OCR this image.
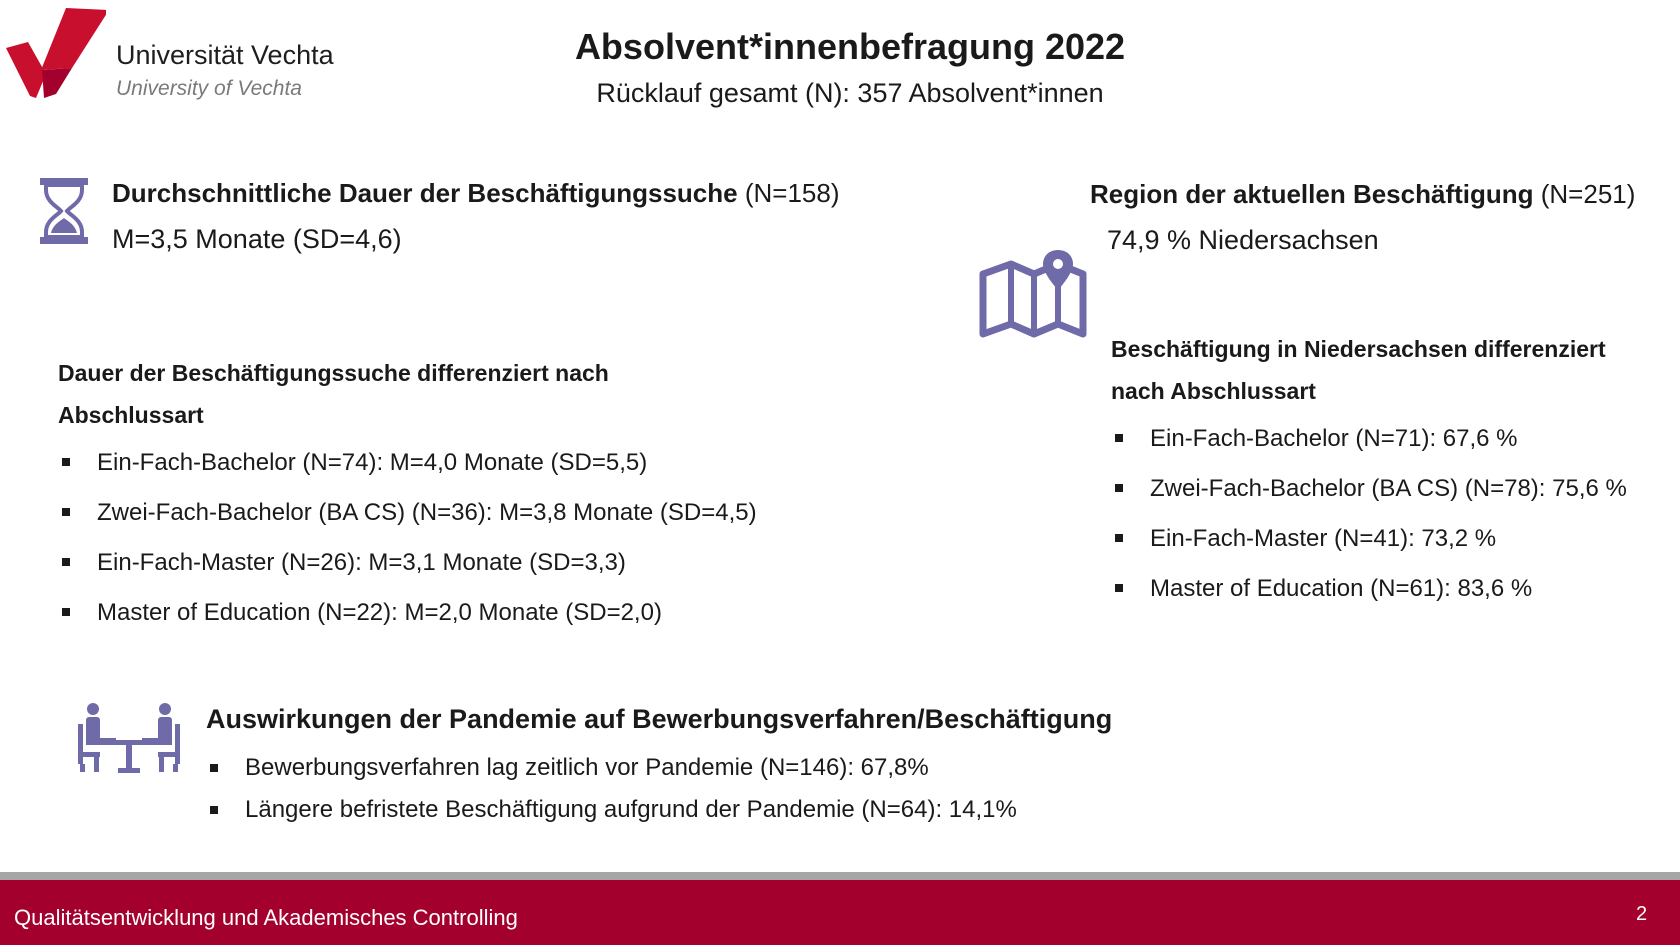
Universität Vechta
University of Vechta
Absolvent*innenbefragung 2022
Rücklauf gesamt (N): 357 Absolvent*innen
Durchschnittliche Dauer der Beschäftigungssuche (N=158)
M=3,5 Monate (SD=4,6)
Dauer der Beschäftigungssuche differenziert nach
Abschlussart
Ein-Fach-Bachelor (N=74): M=4,0 Monate (SD=5,5)
Zwei-Fach-Bachelor (BA CS) (N=36): M=3,8 Monate (SD=4,5)
Ein-Fach-Master (N=26): M=3,1 Monate (SD=3,3)
Master of Education (N=22): M=2,0 Monate (SD=2,0)
Region der aktuellen Beschäftigung (N=251)
74,9 % Niedersachsen
Beschäftigung in Niedersachsen differenziert
nach Abschlussart
Ein-Fach-Bachelor (N=71): 67,6 %
Zwei-Fach-Bachelor (BA CS) (N=78): 75,6 %
Ein-Fach-Master (N=41): 73,2 %
Master of Education (N=61): 83,6 %
Auswirkungen der Pandemie auf Bewerbungsverfahren/Beschäftigung
Bewerbungsverfahren lag zeitlich vor Pandemie (N=146): 67,8%
Längere befristete Beschäftigung aufgrund der Pandemie (N=64): 14,1%
Qualitätsentwicklung und Akademisches Controlling	2
